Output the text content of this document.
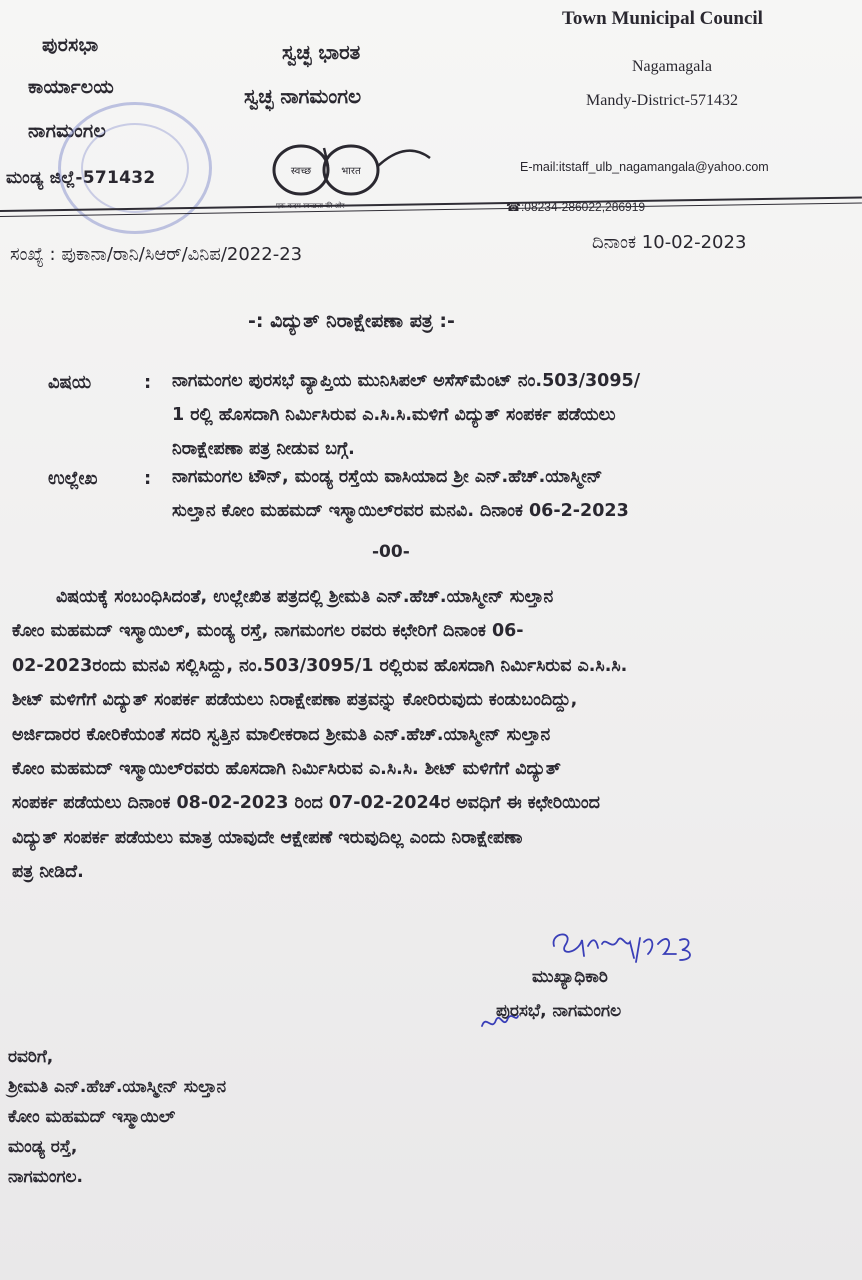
ಪುರಸಭಾ
ಕಾರ್ಯಾಲಯ
ನಾಗಮಂಗಲ
ಮಂಡ್ಯ ಜಿಲ್ಲೆ-571432
ಸ್ವಚ್ಛ ಭಾರತ
ಸ್ವಚ್ಛ ನಾಗಮಂಗಲ
स्वच्छ	भारत
एक कदम स्वच्छता की ओर
Town Municipal Council
Nagamagala
Mandy-District-571432
E-mail:itstaff_ulb_nagamangala@yahoo.com
☎:08234-286022,286919
ಸಂಖ್ಯೆ : ಪುಕಾನಾ/ರಾನಿ/ಸಿಆರ್/ವಿನಿಪ/2022-23
ದಿನಾಂಕ 10-02-2023
-: ವಿದ್ಯುತ್ ನಿರಾಕ್ಷೇಪಣಾ ಪತ್ರ :-
ವಿಷಯ	: ನಾಗಮಂಗಲ ಪುರಸಭೆ ವ್ಯಾಪ್ತಿಯ ಮುನಿಸಿಪಲ್ ಅಸೆಸ್‌ಮೆಂಟ್ ನಂ.503/3095/
1 ರಲ್ಲಿ ಹೊಸದಾಗಿ ನಿರ್ಮಿಸಿರುವ ಎ.ಸಿ.ಸಿ.ಮಳಿಗೆ ವಿದ್ಯುತ್ ಸಂಪರ್ಕ ಪಡೆಯಲು
ನಿರಾಕ್ಷೇಪಣಾ ಪತ್ರ ನೀಡುವ ಬಗ್ಗೆ.
ಉಲ್ಲೇಖ	: ನಾಗಮಂಗಲ ಟೌನ್, ಮಂಡ್ಯ ರಸ್ತೆಯ ವಾಸಿಯಾದ ಶ್ರೀ ಎನ್.ಹೆಚ್.ಯಾಸ್ಮೀನ್
ಸುಲ್ತಾನ ಕೋಂ ಮಹಮದ್ ಇಸ್ಮಾಯಿಲ್‌ರವರ ಮನವಿ. ದಿನಾಂಕ 06-2-2023
-00-

ವಿಷಯಕ್ಕೆ ಸಂಬಂಧಿಸಿದಂತೆ, ಉಲ್ಲೇಖಿತ ಪತ್ರದಲ್ಲಿ ಶ್ರೀಮತಿ ಎನ್.ಹೆಚ್.ಯಾಸ್ಮೀನ್ ಸುಲ್ತಾನ

ಕೋಂ ಮಹಮದ್ ಇಸ್ಮಾಯಿಲ್, ಮಂಡ್ಯ ರಸ್ತೆ, ನಾಗಮಂಗಲ ರವರು ಕಛೇರಿಗೆ ದಿನಾಂಕ 06-

02-2023ರಂದು ಮನವಿ ಸಲ್ಲಿಸಿದ್ದು, ನಂ.503/3095/1 ರಲ್ಲಿರುವ ಹೊಸದಾಗಿ ನಿರ್ಮಿಸಿರುವ ಎ.ಸಿ.ಸಿ.

ಶೀಟ್ ಮಳಿಗೆಗೆ ವಿದ್ಯುತ್ ಸಂಪರ್ಕ ಪಡೆಯಲು ನಿರಾಕ್ಷೇಪಣಾ ಪತ್ರವನ್ನು ಕೋರಿರುವುದು ಕಂಡುಬಂದಿದ್ದು,

ಅರ್ಜಿದಾರರ ಕೋರಿಕೆಯಂತೆ ಸದರಿ ಸ್ವತ್ತಿನ ಮಾಲೀಕರಾದ ಶ್ರೀಮತಿ ಎನ್.ಹೆಚ್.ಯಾಸ್ಮೀನ್ ಸುಲ್ತಾನ

ಕೋಂ ಮಹಮದ್ ಇಸ್ಮಾಯಿಲ್‌ರವರು ಹೊಸದಾಗಿ ನಿರ್ಮಿಸಿರುವ ಎ.ಸಿ.ಸಿ. ಶೀಟ್ ಮಳಿಗೆಗೆ ವಿದ್ಯುತ್

ಸಂಪರ್ಕ ಪಡೆಯಲು ದಿನಾಂಕ 08-02-2023 ರಿಂದ 07-02-2024ರ ಅವಧಿಗೆ ಈ ಕಛೇರಿಯಿಂದ

ವಿದ್ಯುತ್ ಸಂಪರ್ಕ ಪಡೆಯಲು ಮಾತ್ರ ಯಾವುದೇ ಆಕ್ಷೇಪಣೆ ಇರುವುದಿಲ್ಲ ಎಂದು ನಿರಾಕ್ಷೇಪಣಾ

ಪತ್ರ ನೀಡಿದೆ.

ಮುಖ್ಯಾಧಿಕಾರಿ
ಪುರಸಭೆ, ನಾಗಮಂಗಲ
ರವರಿಗೆ,
ಶ್ರೀಮತಿ ಎನ್.ಹೆಚ್.ಯಾಸ್ಮೀನ್ ಸುಲ್ತಾನ
ಕೋಂ ಮಹಮದ್ ಇಸ್ಮಾಯಿಲ್
ಮಂಡ್ಯ ರಸ್ತೆ,
ನಾಗಮಂಗಲ.
